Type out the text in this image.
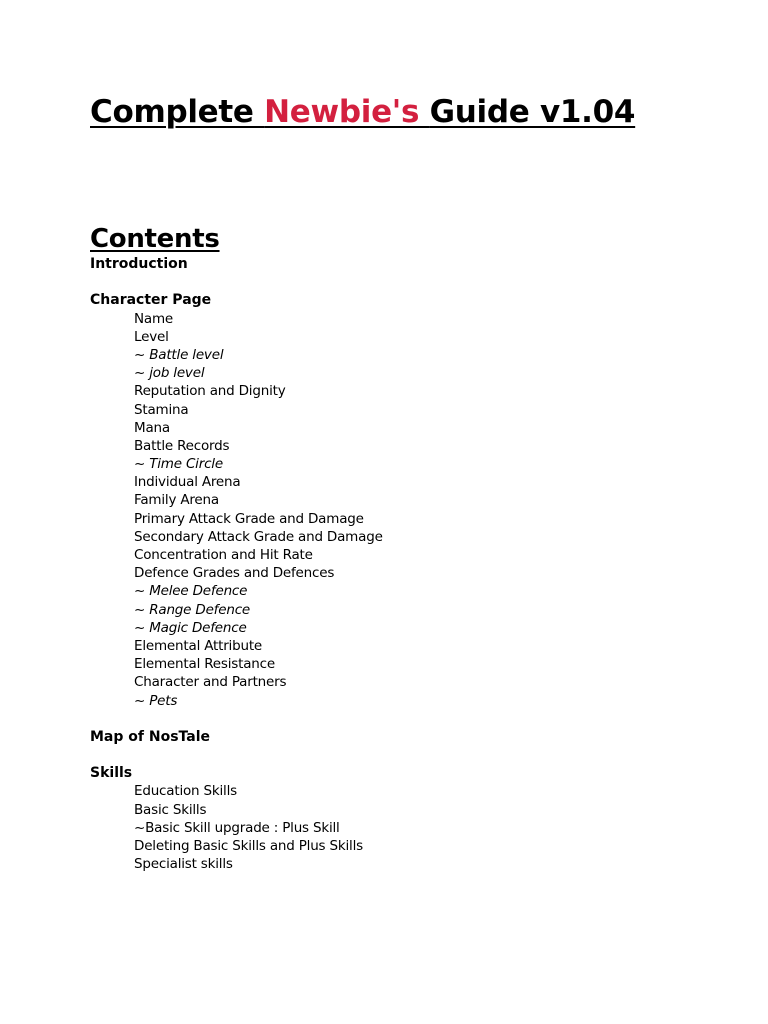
Complete Newbie's Guide v1.04
Contents
Introduction
Character Page
Name
Level
~ Battle level
~ job level
Reputation and Dignity
Stamina
Mana
Battle Records
~ Time Circle
Individual Arena
Family Arena
Primary Attack Grade and Damage
Secondary Attack Grade and Damage
Concentration and Hit Rate
Defence Grades and Defences
~ Melee Defence
~ Range Defence
~ Magic Defence
Elemental Attribute
Elemental Resistance
Character and Partners
~ Pets
Map of NosTale
Skills
Education Skills
Basic Skills
~Basic Skill upgrade : Plus Skill
Deleting Basic Skills and Plus Skills
Specialist skills
